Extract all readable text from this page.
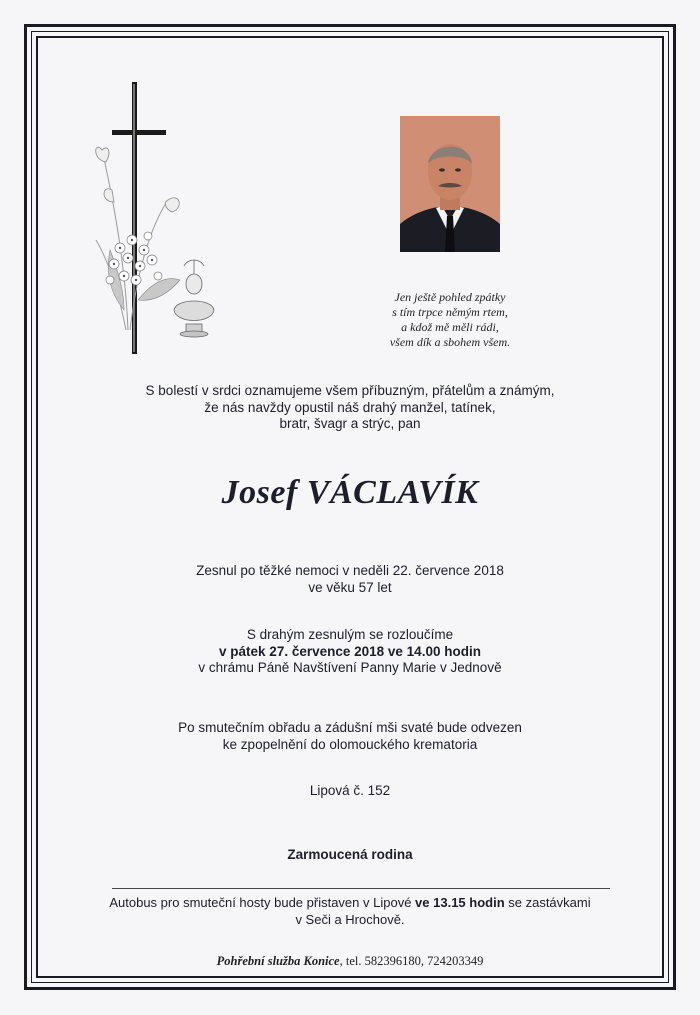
Jen ještě pohled zpátky
s tím trpce němým rtem,
a kdož mě měli rádi,
všem dík a sbohem všem.
S bolestí v srdci oznamujeme všem příbuzným, přátelům a známým,
že nás navždy opustil náš drahý manžel, tatínek,
bratr, švagr a strýc, pan
Josef VÁCLAVÍK
Zesnul po těžké nemoci v neděli 22. července 2018
ve věku 57 let
S drahým zesnulým se rozloučíme
v pátek 27. července 2018 ve 14.00 hodin
v chrámu Páně Navštívení Panny Marie v Jednově
Po smutečním obřadu a zádušní mši svaté bude odvezen
ke zpopelnění do olomouckého krematoria
Lipová č. 152
Zarmoucená rodina
Autobus pro smuteční hosty bude přistaven v Lipové ve 13.15 hodin se zastávkami
v Seči a Hrochově.
Pohřební služba Konice, tel. 582396180, 724203349
